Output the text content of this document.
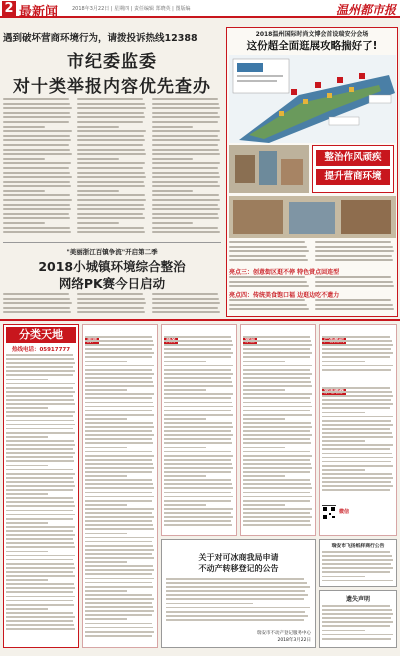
2 最新闻	2018年3月22日 | 星期四 | 责任编辑 郑晓英 | 图版编	温州都市报
遇到破坏营商环境行为，请拨投诉热线12388
市纪委监委
对十类举报内容优先查办
2018温州国际时尚文博会首设瑞安分会场
这份超全面逛展攻略揣好了!
整治作风顽疾
提升营商环境
亮点三：创意街区逛不停 特色赏点回连型
亮点四：传统美食饱口福 边逛边吃不遗力
"美丽浙江百镇争流"开启第二季
2018小城镇环境综合整治
网络PK赛今日启动
分类天地
热线电话：05917777
微信
关于对可冰商我局申请
不动产转移登记的公告
瑞安市不动产登记服务中心
2018年3月22日
瑞安市飞扬纸样商行公告
遗失声明
